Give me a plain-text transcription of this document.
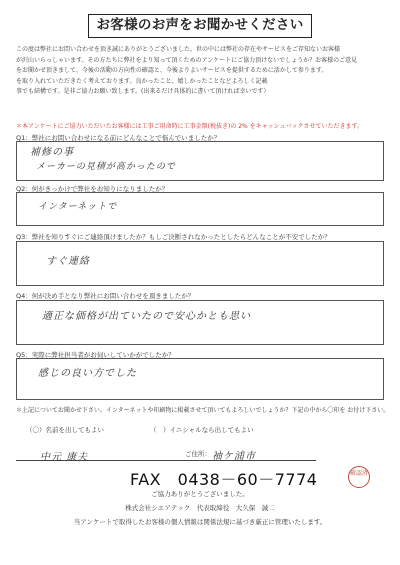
お客様のお声をお聞かせください
この度は弊社にお問い合わせを頂き誠にありがとうございました。世の中には弊社の存在やサービスをご存知ないお客様
が沢山いらっしゃいます。その方たちに弊社をより知って頂くためのアンケートにご協力頂けないでしょうか？お客様のご意見
をお聞かせ頂きまして、今後の活動の方向性の確認と、今後よりよいサービスを提供するために活かして参ります。
を取り入れていただきたく考えております。良かったこと、嬉しかったことなどよろしく記載
事でも結構です。是非ご協力お願い致します。(出来るだけ具体的に書いて頂ければ幸いです）
＊本アンケートにご協力いただいたお客様には工事ご用命時に工事金額(税抜き)の 2% をキャッシュバックさせていただきます。
Q1：弊社にお問い合わせになる前にどんなことで悩んでいましたか？
補修の事
メーカーの見積が高かったので
Q2：何がきっかけで弊社をお知りになりましたか？
インターネットで
Q3：弊社を知りすぐにご連絡頂けましたか？もしご決断されなかったとしたらどんなことが不安でしたか？
すぐ連絡
Q4：何が決め手となり弊社にお問い合わせを頂きましたか？
適正な価格が出ていたので安心かとも思い
Q5：実際に弊社担当者がお伺いしていかがでしたか？
感じの良い方でした
＊上記についてお聞かせ下さい。インターネットや印刷物に掲載させて頂いてもよろしいでしょうか？下記の中から〇印を お付け下さい。
（〇）名前を出してもよい	（　）イニシャルなら出してもよい
中元 康夫	ご住所： 袖ケ浦市
FAX　0438－60－7774	確認済
ご協力ありがとうございました。
株式会社シエアテック　代表取締役　大久保　誠二
当アンケートで取得したお客様の個人情報は関係法規に基づき厳正に管理いたします。
